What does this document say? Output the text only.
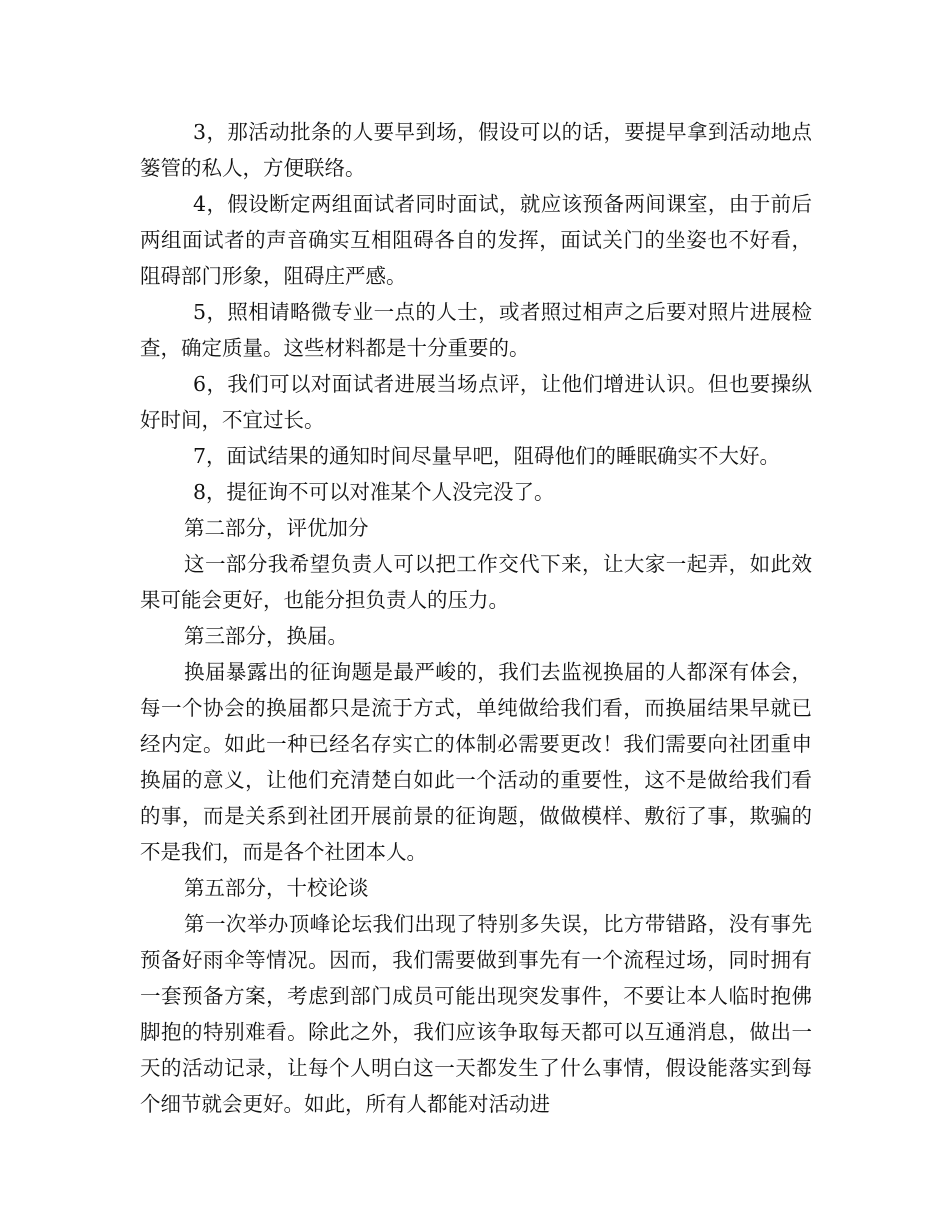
3，那活动批条的人要早到场，假设可以的话，要提早拿到活动地点篓管的私人，方便联络。

4，假设断定两组面试者同时面试，就应该预备两间课室，由于前后两组面试者的声音确实互相阻碍各自的发挥，面试关门的坐姿也不好看，阻碍部门形象，阻碍庄严感。

5，照相请略微专业一点的人士，或者照过相声之后要对照片进展检查，确定质量。这些材料都是十分重要的。

6，我们可以对面试者进展当场点评，让他们增进认识。但也要操纵好时间，不宜过长。

7，面试结果的通知时间尽量早吧，阻碍他们的睡眠确实不大好。

8，提征询不可以对准某个人没完没了。

第二部分，评优加分

这一部分我希望负责人可以把工作交代下来，让大家一起弄，如此效果可能会更好，也能分担负责人的压力。

第三部分，换届。

换届暴露出的征询题是最严峻的，我们去监视换届的人都深有体会，每一个协会的换届都只是流于方式，单纯做给我们看，而换届结果早就已经内定。如此一种已经名存实亡的体制必需要更改！我们需要向社团重申换届的意义，让他们充清楚白如此一个活动的重要性，这不是做给我们看的事，而是关系到社团开展前景的征询题，做做模样、敷衍了事，欺骗的不是我们，而是各个社团本人。

第五部分，十校论谈

第一次举办顶峰论坛我们出现了特别多失误，比方带错路，没有事先预备好雨伞等情况。因而，我们需要做到事先有一个流程过场，同时拥有一套预备方案，考虑到部门成员可能出现突发事件，不要让本人临时抱佛脚抱的特别难看。除此之外，我们应该争取每天都可以互通消息，做出一天的活动记录，让每个人明白这一天都发生了什么事情，假设能落实到每个细节就会更好。如此，所有人都能对活动进
